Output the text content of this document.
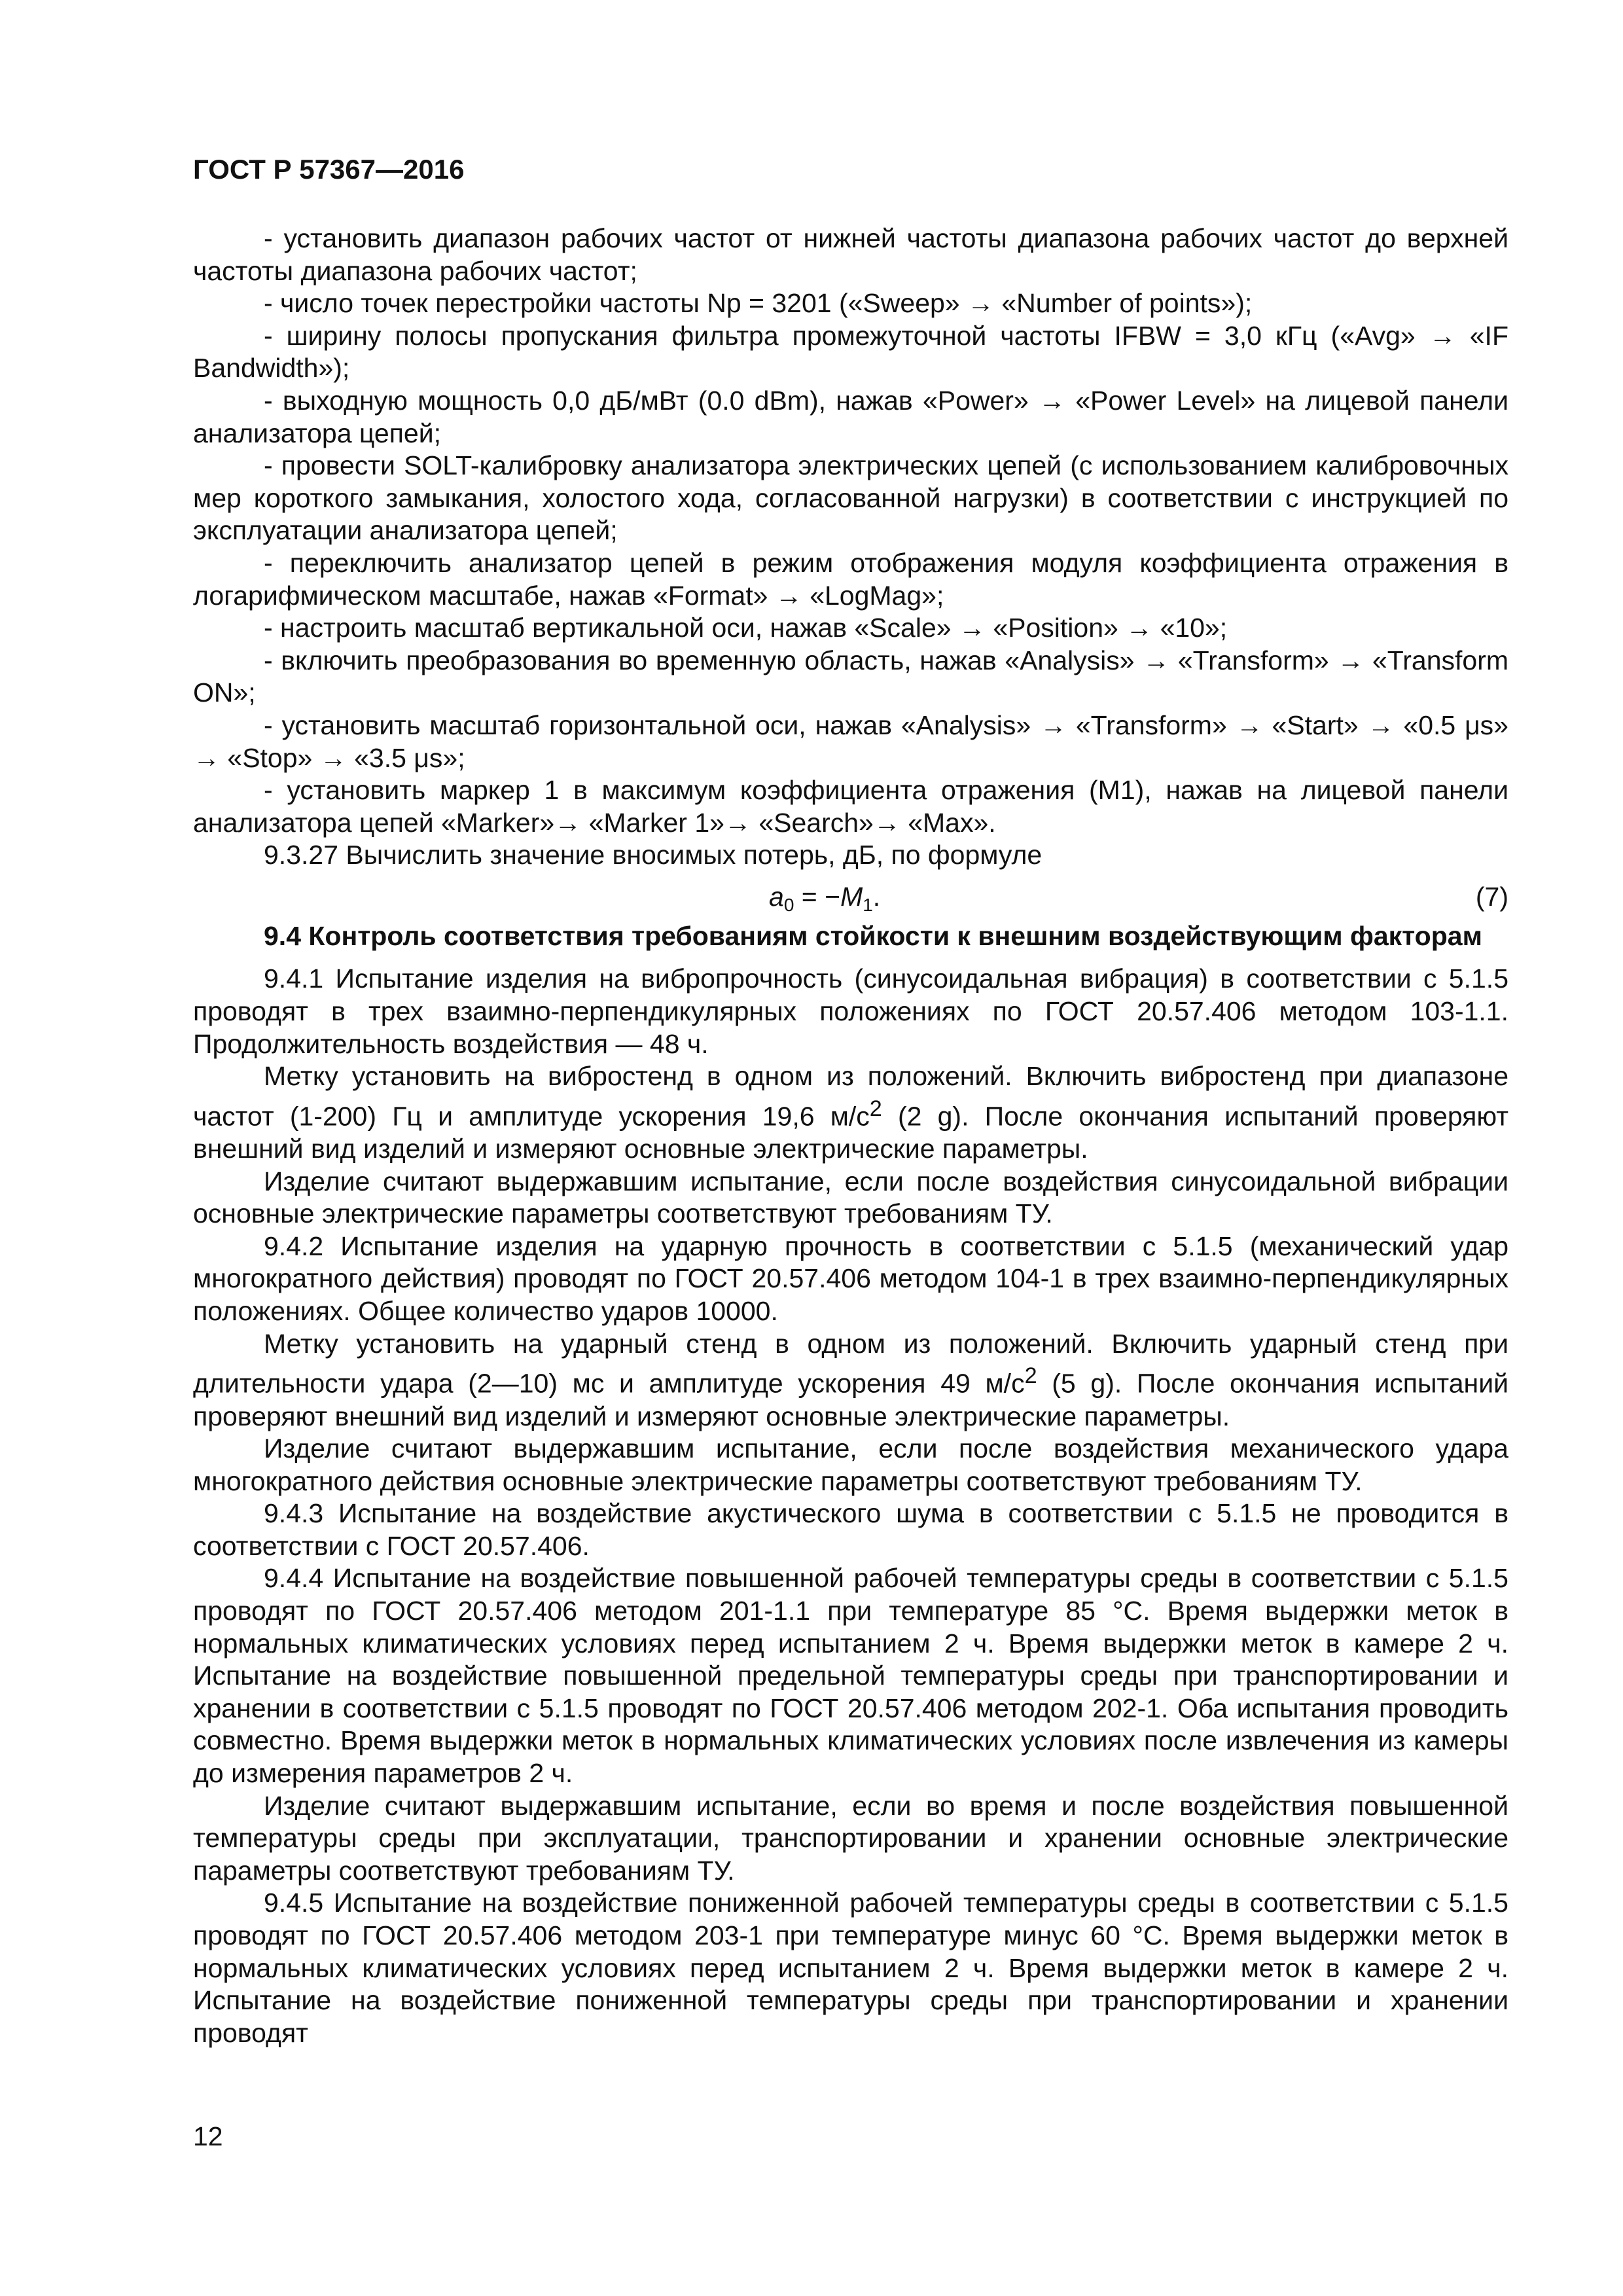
ГОСТ Р 57367—2016

- установить диапазон рабочих частот от нижней частоты диапазона рабочих частот до верхней частоты диапазона рабочих частот;

- число точек перестройки частоты Np = 3201 («Sweep» → «Number of points»);

- ширину полосы пропускания фильтра промежуточной частоты IFBW = 3,0 кГц («Avg» → «IF Bandwidth»);

- выходную мощность 0,0 дБ/мВт (0.0 dBm), нажав «Power» → «Power Level» на лицевой панели анализатора цепей;

- провести SOLT-калибровку анализатора электрических цепей (с использованием калибровочных мер короткого замыкания, холостого хода, согласованной нагрузки) в соответствии с инструкцией по эксплуатации анализатора цепей;

- переключить анализатор цепей в режим отображения модуля коэффициента отражения в логарифмическом масштабе, нажав «Format» → «LogMag»;

- настроить масштаб вертикальной оси, нажав «Scale» → «Position» → «10»;

- включить преобразования во временную область, нажав «Analysis» → «Transform» → «Transform ON»;

- установить масштаб горизонтальной оси, нажав «Analysis» → «Transform» → «Start» → «0.5 μs» → «Stop» → «3.5 μs»;

- установить маркер 1 в максимум коэффициента отражения (M1), нажав на лицевой панели анализатора цепей «Marker»→ «Marker 1»→ «Search»→ «Max».

9.3.27 Вычислить значение вносимых потерь, дБ, по формуле

$a_0 = -M_1$.	(7)
9.4 Контроль соответствия требованиям стойкости к внешним воздействующим факторам

9.4.1 Испытание изделия на вибропрочность (синусоидальная вибрация) в соответствии с 5.1.5 проводят в трех взаимно-перпендикулярных положениях по ГОСТ 20.57.406 методом 103-1.1. Продолжительность воздействия — 48 ч.

Метку установить на вибростенд в одном из положений. Включить вибростенд при диапазоне частот (1-200) Гц и амплитуде ускорения 19,6 $м/с^2$ (2 g). После окончания испытаний проверяют внешний вид изделий и измеряют основные электрические параметры.

Изделие считают выдержавшим испытание, если после воздействия синусоидальной вибрации основные электрические параметры соответствуют требованиям ТУ.

9.4.2 Испытание изделия на ударную прочность в соответствии с 5.1.5 (механический удар многократного действия) проводят по ГОСТ 20.57.406 методом 104-1 в трех взаимно-перпендикулярных положениях. Общее количество ударов 10000.

Метку установить на ударный стенд в одном из положений. Включить ударный стенд при длительности удара (2—10) мс и амплитуде ускорения 49 $м/с^2$ (5 g). После окончания испытаний проверяют внешний вид изделий и измеряют основные электрические параметры.

Изделие считают выдержавшим испытание, если после воздействия механического удара многократного действия основные электрические параметры соответствуют требованиям ТУ.

9.4.3 Испытание на воздействие акустического шума в соответствии с 5.1.5 не проводится в соответствии с ГОСТ 20.57.406.

9.4.4 Испытание на воздействие повышенной рабочей температуры среды в соответствии с 5.1.5 проводят по ГОСТ 20.57.406 методом 201-1.1 при температуре 85 °С. Время выдержки меток в нормальных климатических условиях перед испытанием 2 ч. Время выдержки меток в камере 2 ч. Испытание на воздействие повышенной предельной температуры среды при транспортировании и хранении в соответствии с 5.1.5 проводят по ГОСТ 20.57.406 методом 202-1. Оба испытания проводить совместно. Время выдержки меток в нормальных климатических условиях после извлечения из камеры до измерения параметров 2 ч.

Изделие считают выдержавшим испытание, если во время и после воздействия повышенной температуры среды при эксплуатации, транспортировании и хранении основные электрические параметры соответствуют требованиям ТУ.

9.4.5 Испытание на воздействие пониженной рабочей температуры среды в соответствии с 5.1.5 проводят по ГОСТ 20.57.406 методом 203-1 при температуре минус 60 °С. Время выдержки меток в нормальных климатических условиях перед испытанием 2 ч. Время выдержки меток в камере 2 ч. Испытание на воздействие пониженной температуры среды при транспортировании и хранении проводят

12
